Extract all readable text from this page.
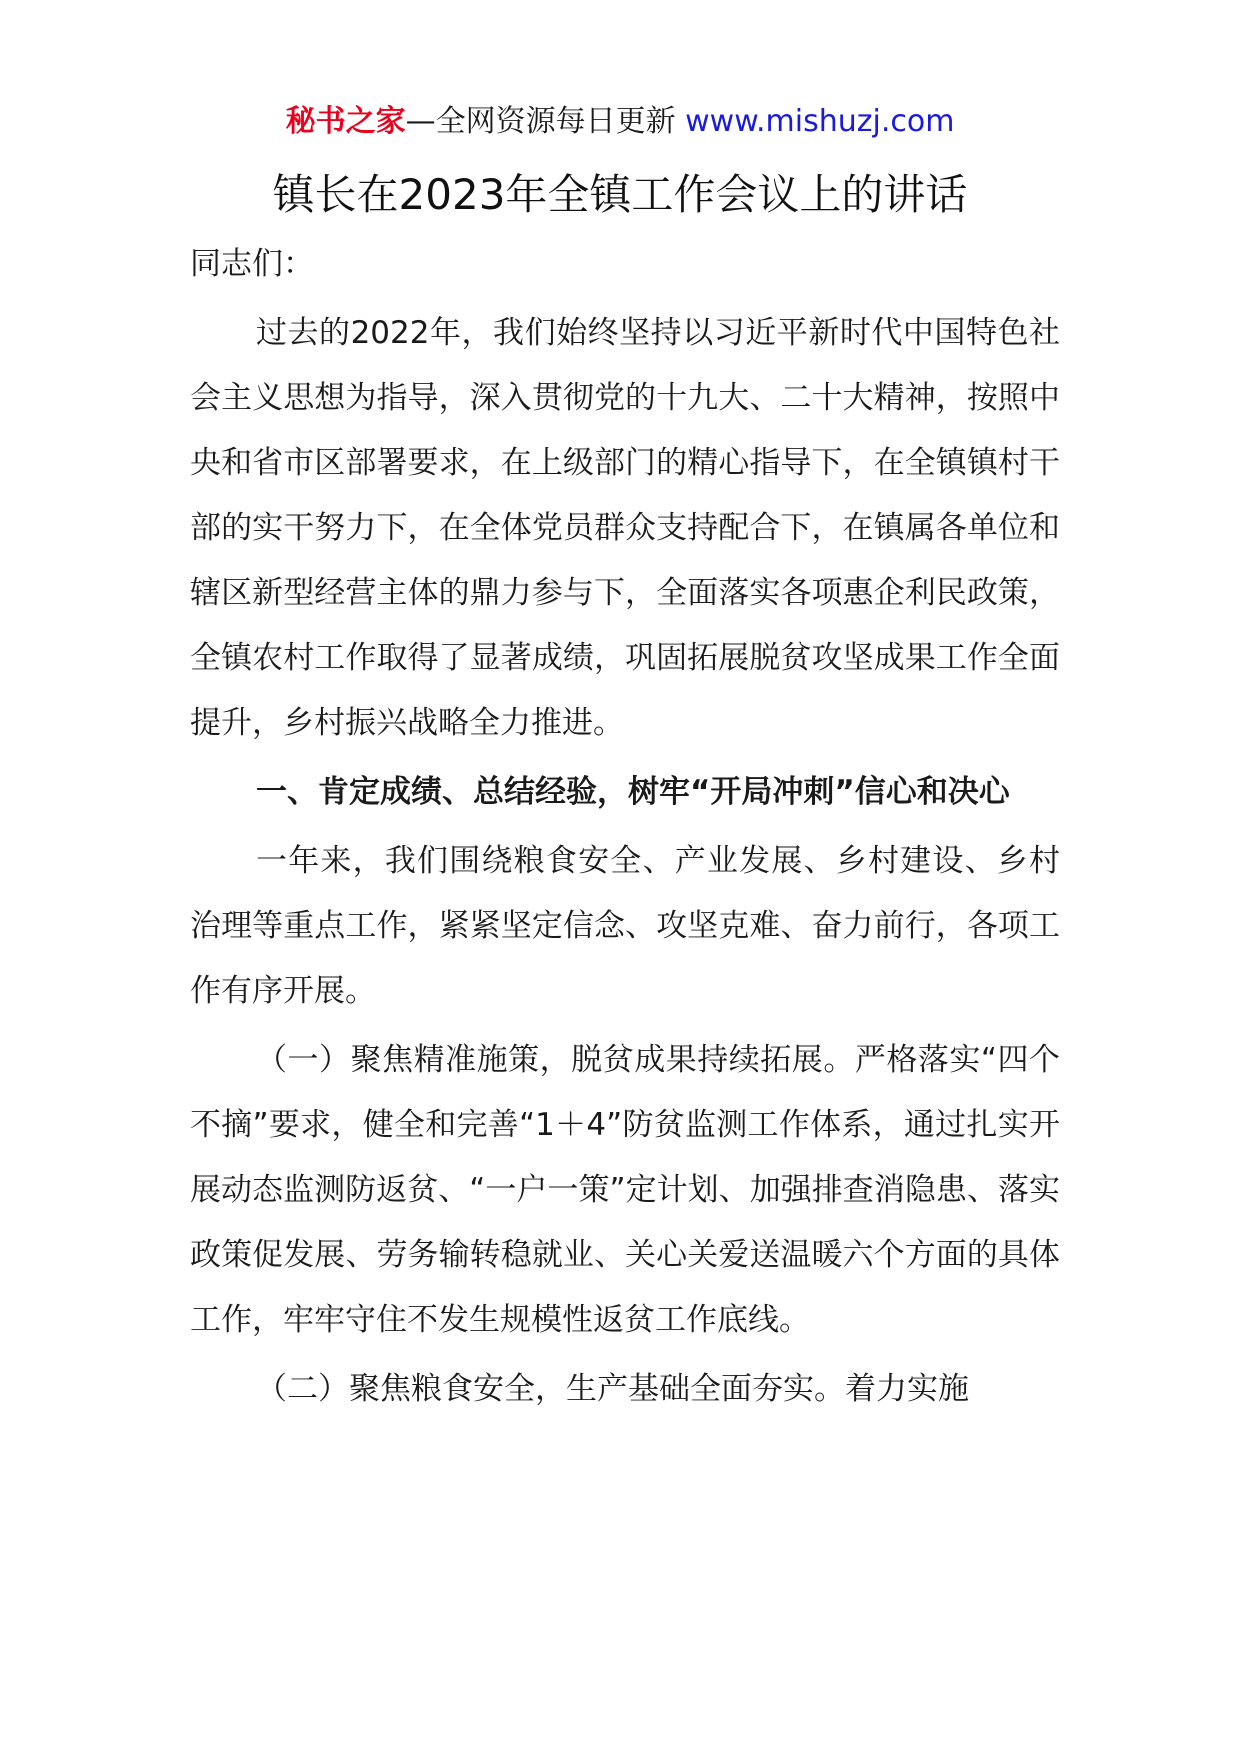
秘书之家—全网资源每日更新 www.mishuzj.com
镇长在2023年全镇工作会议上的讲话

同志们：

过去的2022年，我们始终坚持以习近平新时代中国特色社会主义思想为指导，深入贯彻党的十九大、二十大精神，按照中央和省市区部署要求，在上级部门的精心指导下，在全镇镇村干部的实干努力下，在全体党员群众支持配合下，在镇属各单位和辖区新型经营主体的鼎力参与下，全面落实各项惠企利民政策，全镇农村工作取得了显著成绩，巩固拓展脱贫攻坚成果工作全面提升，乡村振兴战略全力推进。

一、肯定成绩、总结经验，树牢“开局冲刺”信心和决心

一年来，我们围绕粮食安全、产业发展、乡村建设、乡村治理等重点工作，紧紧坚定信念、攻坚克难、奋力前行，各项工作有序开展。

（一）聚焦精准施策，脱贫成果持续拓展。严格落实“四个不摘”要求，健全和完善“1＋4”防贫监测工作体系，通过扎实开展动态监测防返贫、“一户一策”定计划、加强排查消隐患、落实政策促发展、劳务输转稳就业、关心关爱送温暖六个方面的具体工作，牢牢守住不发生规模性返贫工作底线。

（二）聚焦粮食安全，生产基础全面夯实。着力实施
